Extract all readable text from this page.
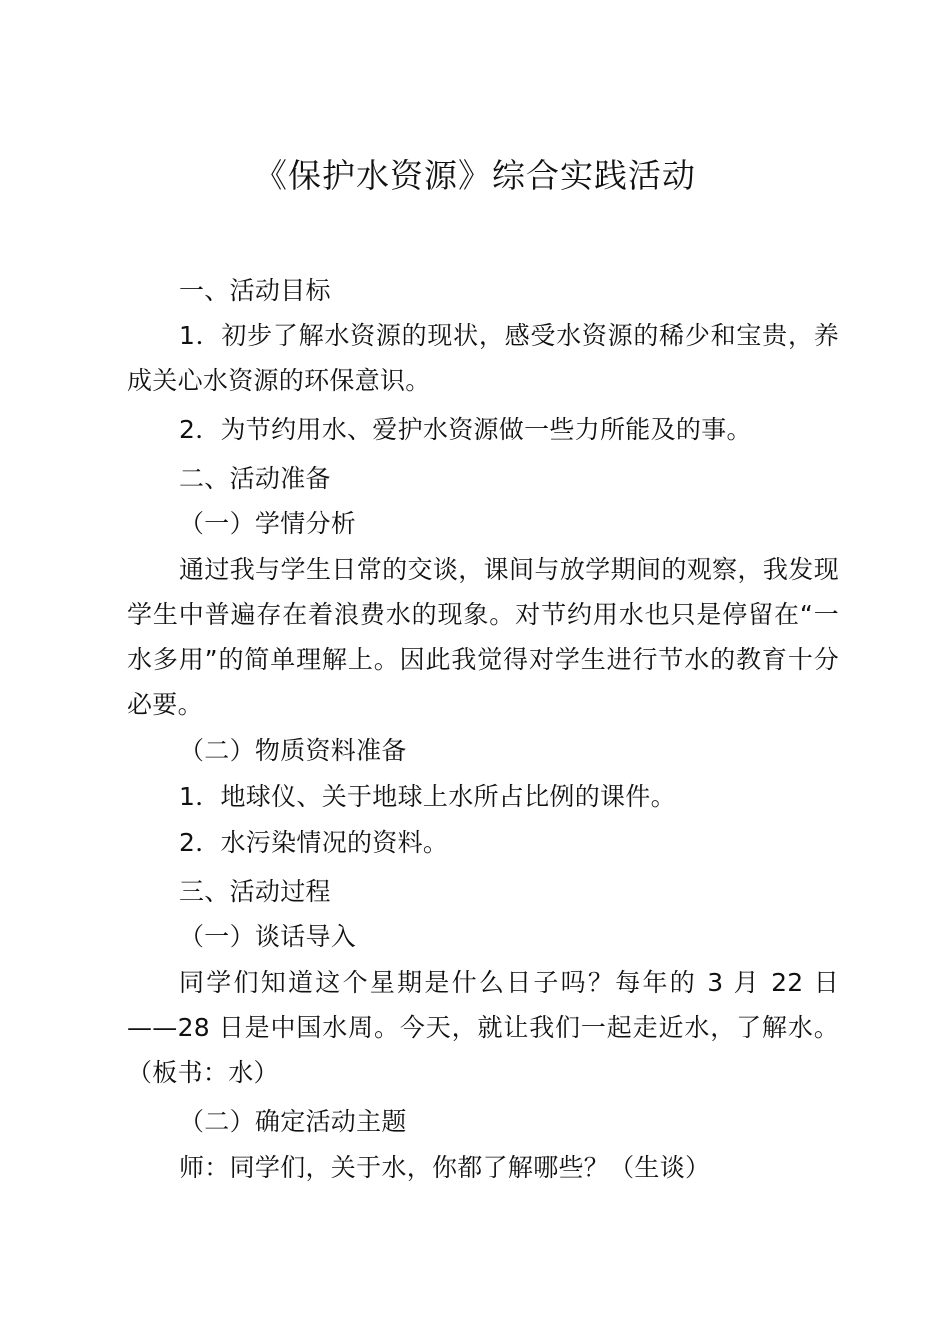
《保护水资源》综合实践活动

一、活动目标

1．初步了解水资源的现状，感受水资源的稀少和宝贵，养成关心水资源的环保意识。

2．为节约用水、爱护水资源做一些力所能及的事。

二、活动准备

（一）学情分析

通过我与学生日常的交谈，课间与放学期间的观察，我发现学生中普遍存在着浪费水的现象。对节约用水也只是停留在“一水多用”的简单理解上。因此我觉得对学生进行节水的教育十分必要。

（二）物质资料准备

1．地球仪、关于地球上水所占比例的课件。

2．水污染情况的资料。

三、活动过程

（一）谈话导入

同学们知道这个星期是什么日子吗？每年的 3 月 22 日——28 日是中国水周。今天，就让我们一起走近水，了解水。（板书：水）

（二）确定活动主题

师：同学们，关于水，你都了解哪些？（生谈）
